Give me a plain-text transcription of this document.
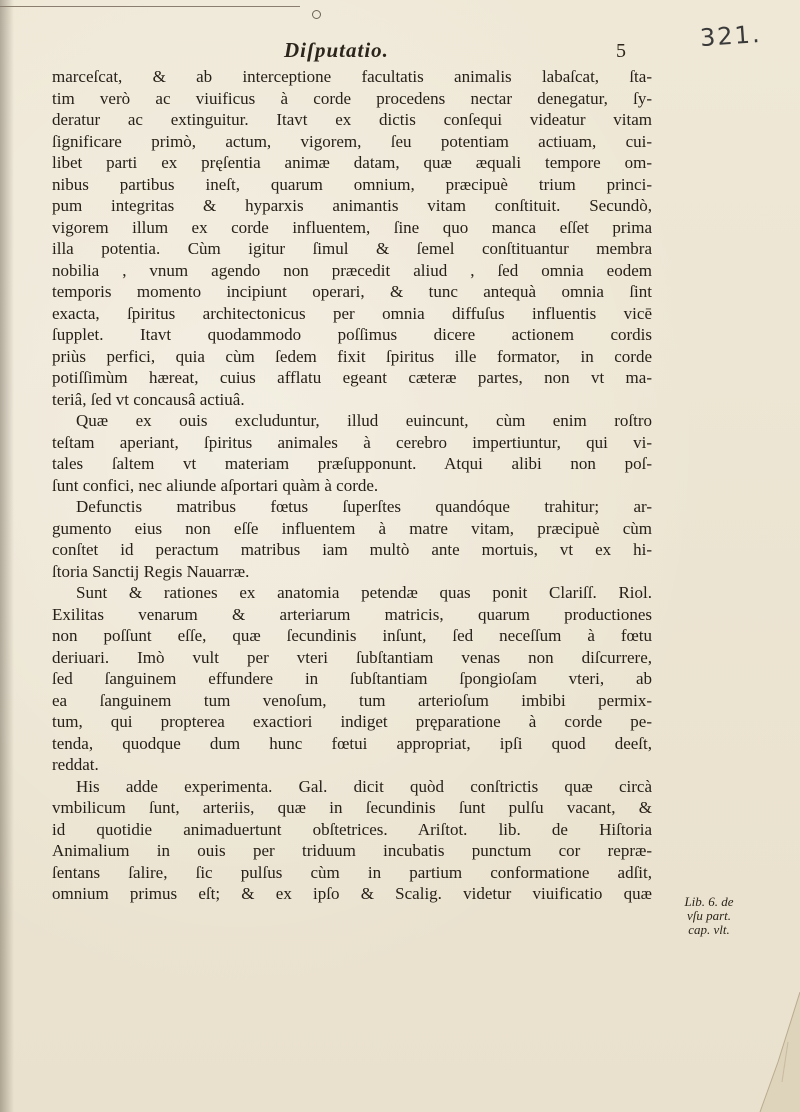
Diſputatio.	5	321.
marceſcat, & ab interceptione facultatis animalis labaſcat, ſta-
tim verò ac viuificus à corde procedens nectar denegatur, ſy-
deratur ac extinguitur. Itavt ex dictis conſequi videatur vitam
ſignificare primò, actum, vigorem, ſeu potentiam actiuam, cui-
libet parti ex pręſentia animæ datam, quæ æquali tempore om-
nibus partibus ineſt, quarum omnium, præcipuè trium princi-
pum integritas & hyparxis animantis vitam conſtituit. Secundò,
vigorem illum ex corde influentem, ſine quo manca eſſet prima
illa potentia. Cùm igitur ſimul & ſemel conſtituantur membra
nobilia , vnum agendo non præcedit aliud , ſed omnia eodem
temporis momento incipiunt operari, & tunc antequà omnia ſint
exacta, ſpiritus architectonicus per omnia diffuſus influentis vicē
ſupplet. Itavt quodammodo poſſimus dicere actionem cordis
priùs perfici, quia cùm ſedem fixit ſpiritus ille formator, in corde
potiſſimùm hæreat, cuius afflatu egeant cæteræ partes, non vt ma-
teriâ, ſed vt concausâ actiuâ.
Quæ ex ouis excluduntur, illud euincunt, cùm enim roſtro
teſtam aperiant, ſpiritus animales à cerebro impertiuntur, qui vi-
tales ſaltem vt materiam præſupponunt. Atqui alibi non poſ-
ſunt confici, nec aliunde aſportari quàm à corde.
Defunctis matribus fœtus ſuperſtes quandóque trahitur; ar-
gumento eius non eſſe influentem à matre vitam, præcipuè cùm
conſtet id peractum matribus iam multò ante mortuis, vt ex hi-
ſtoria Sanctij Regis Nauarræ.
Sunt & rationes ex anatomia petendæ quas ponit Clariſſ. Riol.
Exilitas venarum & arteriarum matricis, quarum productiones
non poſſunt eſſe, quæ ſecundinis inſunt, ſed neceſſum à fœtu
deriuari. Imò vult per vteri ſubſtantiam venas non diſcurrere,
ſed ſanguinem effundere in ſubſtantiam ſpongioſam vteri, ab
ea ſanguinem tum venoſum, tum arterioſum imbibi permix-
tum, qui propterea exactiori indiget pręparatione à corde pe-
tenda, quodque dum hunc fœtui appropriat, ipſi quod deeſt,
reddat.
His adde experimenta. Gal. dicit quòd conſtrictis quæ circà
vmbilicum ſunt, arteriis, quæ in ſecundinis ſunt pulſu vacant, &
id quotidie animaduertunt obſtetrices. Ariſtot. lib. de Hiſtoria
Animalium in ouis per triduum incubatis punctum cor repræ-
ſentans ſalire, ſic pulſus cùm in partium conformatione adſit,
omnium primus eſt; & ex ipſo & Scalig. videtur viuificatio quæ	Lib. 6. de
vſu part.
cap. vlt.
